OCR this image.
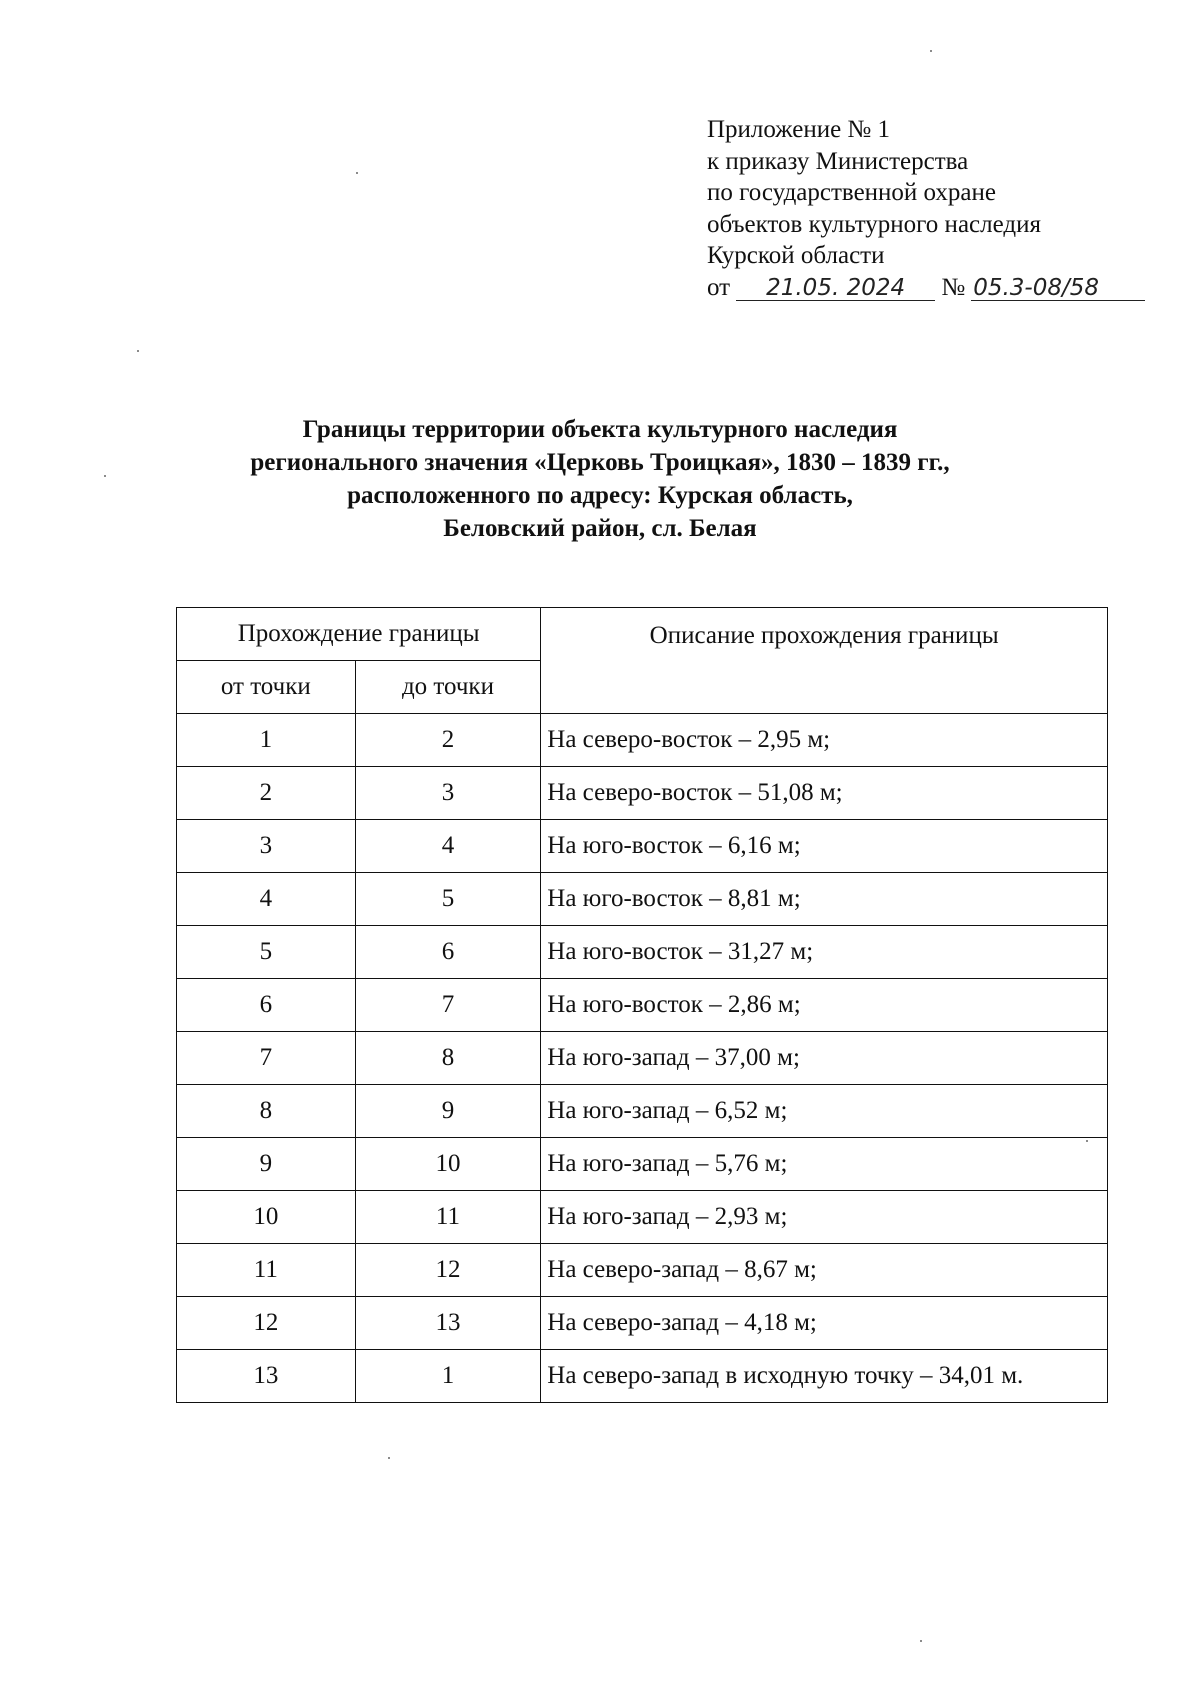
Приложение № 1
к приказу Министерства
по государственной охране
объектов культурного наследия
Курской области
от 21.05. 2024 № 05.3-08/58
Границы территории объекта культурного наследия
регионального значения «Церковь Троицкая», 1830 – 1839 гг.,
расположенного по адресу: Курская область,
Беловский район, сл. Белая
Прохождение границы		Описание прохождения границы
от точки	до точки	
1	2	На северо-восток – 2,95 м;
2	3	На северо-восток – 51,08 м;
3	4	На юго-восток – 6,16 м;
4	5	На юго-восток – 8,81 м;
5	6	На юго-восток – 31,27 м;
6	7	На юго-восток – 2,86 м;
7	8	На юго-запад – 37,00 м;
8	9	На юго-запад – 6,52 м;
9	10	На юго-запад – 5,76 м;
10	11	На юго-запад – 2,93 м;
11	12	На северо-запад – 8,67 м;
12	13	На северо-запад – 4,18 м;
13	1	На северо-запад в исходную точку – 34,01 м.
